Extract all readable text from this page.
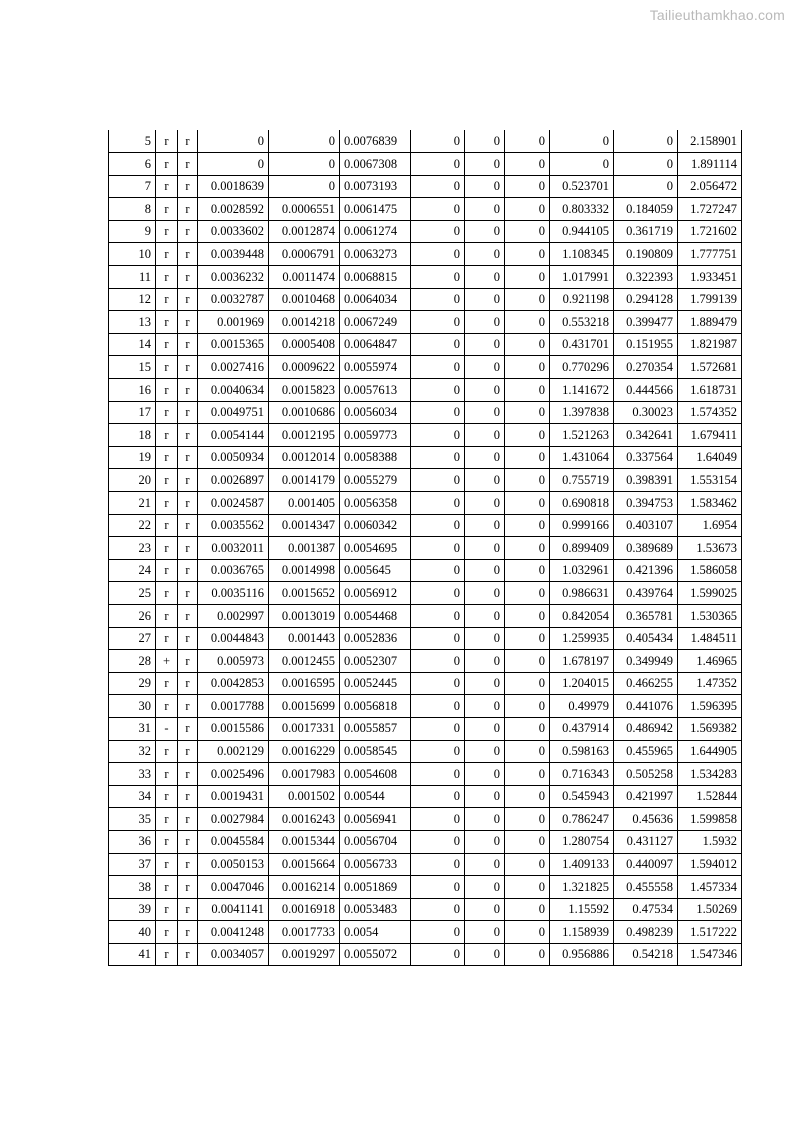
Tailieuthamkhao.com
5	r	r	0	0	0.0076839	0	0	0	0	0	2.158901
6	r	r	0	0	0.0067308	0	0	0	0	0	1.891114
7	r	r	0.0018639	0	0.0073193	0	0	0	0.523701	0	2.056472
8	r	r	0.0028592	0.0006551	0.0061475	0	0	0	0.803332	0.184059	1.727247
9	r	r	0.0033602	0.0012874	0.0061274	0	0	0	0.944105	0.361719	1.721602
10	r	r	0.0039448	0.0006791	0.0063273	0	0	0	1.108345	0.190809	1.777751
11	r	r	0.0036232	0.0011474	0.0068815	0	0	0	1.017991	0.322393	1.933451
12	r	r	0.0032787	0.0010468	0.0064034	0	0	0	0.921198	0.294128	1.799139
13	r	r	0.001969	0.0014218	0.0067249	0	0	0	0.553218	0.399477	1.889479
14	r	r	0.0015365	0.0005408	0.0064847	0	0	0	0.431701	0.151955	1.821987
15	r	r	0.0027416	0.0009622	0.0055974	0	0	0	0.770296	0.270354	1.572681
16	r	r	0.0040634	0.0015823	0.0057613	0	0	0	1.141672	0.444566	1.618731
17	r	r	0.0049751	0.0010686	0.0056034	0	0	0	1.397838	0.30023	1.574352
18	r	r	0.0054144	0.0012195	0.0059773	0	0	0	1.521263	0.342641	1.679411
19	r	r	0.0050934	0.0012014	0.0058388	0	0	0	1.431064	0.337564	1.64049
20	r	r	0.0026897	0.0014179	0.0055279	0	0	0	0.755719	0.398391	1.553154
21	r	r	0.0024587	0.001405	0.0056358	0	0	0	0.690818	0.394753	1.583462
22	r	r	0.0035562	0.0014347	0.0060342	0	0	0	0.999166	0.403107	1.6954
23	r	r	0.0032011	0.001387	0.0054695	0	0	0	0.899409	0.389689	1.53673
24	r	r	0.0036765	0.0014998	0.005645	0	0	0	1.032961	0.421396	1.586058
25	r	r	0.0035116	0.0015652	0.0056912	0	0	0	0.986631	0.439764	1.599025
26	r	r	0.002997	0.0013019	0.0054468	0	0	0	0.842054	0.365781	1.530365
27	r	r	0.0044843	0.001443	0.0052836	0	0	0	1.259935	0.405434	1.484511
28	+	r	0.005973	0.0012455	0.0052307	0	0	0	1.678197	0.349949	1.46965
29	r	r	0.0042853	0.0016595	0.0052445	0	0	0	1.204015	0.466255	1.47352
30	r	r	0.0017788	0.0015699	0.0056818	0	0	0	0.49979	0.441076	1.596395
31	-	r	0.0015586	0.0017331	0.0055857	0	0	0	0.437914	0.486942	1.569382
32	r	r	0.002129	0.0016229	0.0058545	0	0	0	0.598163	0.455965	1.644905
33	r	r	0.0025496	0.0017983	0.0054608	0	0	0	0.716343	0.505258	1.534283
34	r	r	0.0019431	0.001502	0.00544	0	0	0	0.545943	0.421997	1.52844
35	r	r	0.0027984	0.0016243	0.0056941	0	0	0	0.786247	0.45636	1.599858
36	r	r	0.0045584	0.0015344	0.0056704	0	0	0	1.280754	0.431127	1.5932
37	r	r	0.0050153	0.0015664	0.0056733	0	0	0	1.409133	0.440097	1.594012
38	r	r	0.0047046	0.0016214	0.0051869	0	0	0	1.321825	0.455558	1.457334
39	r	r	0.0041141	0.0016918	0.0053483	0	0	0	1.15592	0.47534	1.50269
40	r	r	0.0041248	0.0017733	0.0054	0	0	0	1.158939	0.498239	1.517222
41	r	r	0.0034057	0.0019297	0.0055072	0	0	0	0.956886	0.54218	1.547346
